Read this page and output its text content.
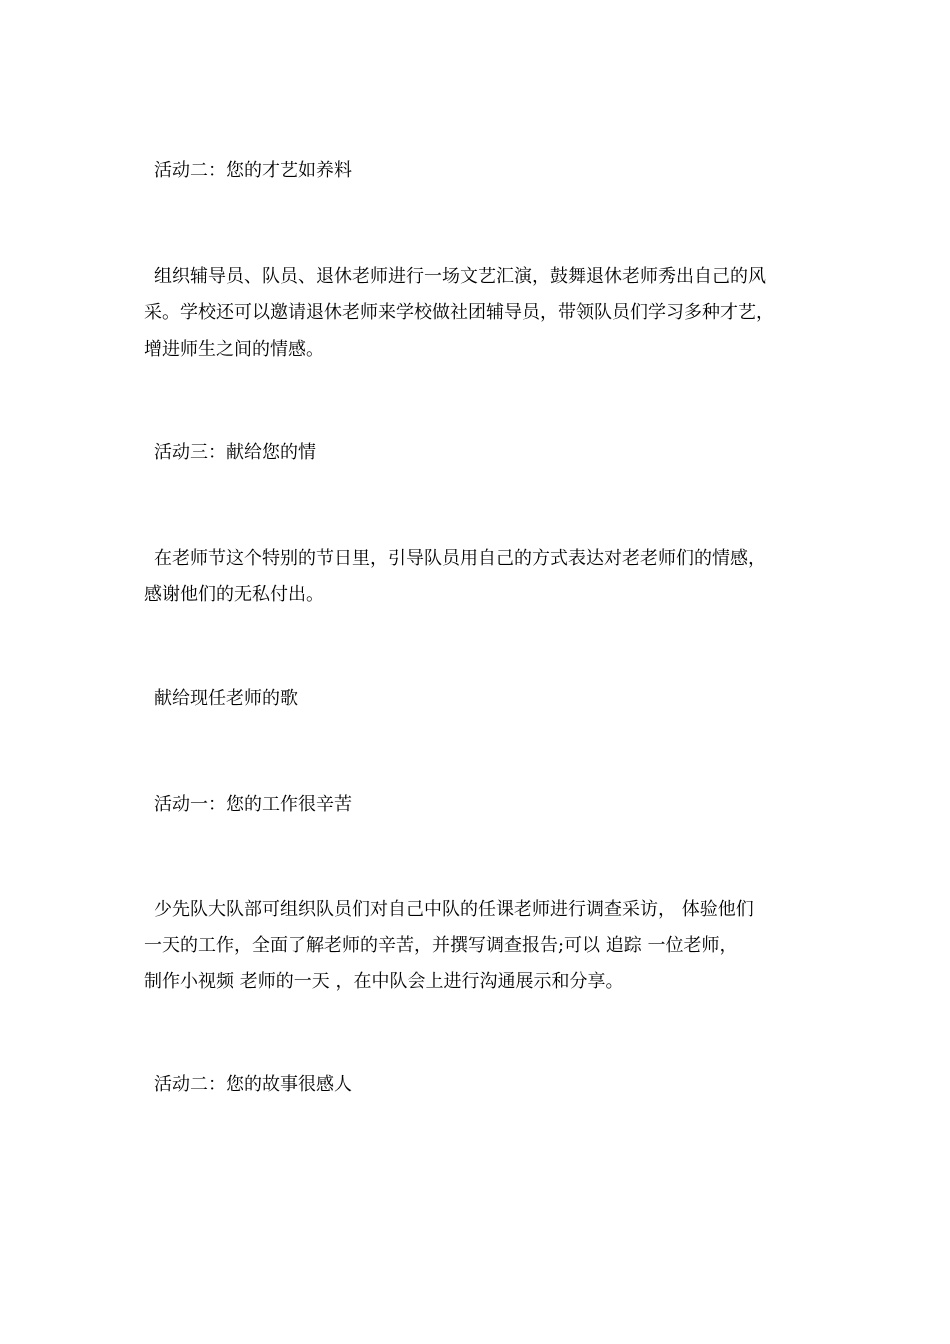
活动二：您的才艺如养料
组织辅导员、队员、退休老师进行一场文艺汇演，鼓舞退休老师秀出自己的风
采。学校还可以邀请退休老师来学校做社团辅导员，带领队员们学习多种才艺，
增进师生之间的情感。
活动三：献给您的情
在老师节这个特别的节日里，引导队员用自己的方式表达对老老师们的情感，
感谢他们的无私付出。
献给现任老师的歌
活动一：您的工作很辛苦
少先队大队部可组织队员们对自己中队的任课老师进行调查采访， 体验他们
一天的工作，全面了解老师的辛苦，并撰写调查报告;可以 追踪 一位老师，
制作小视频 老师的一天 ，在中队会上进行沟通展示和分享。
活动二：您的故事很感人
